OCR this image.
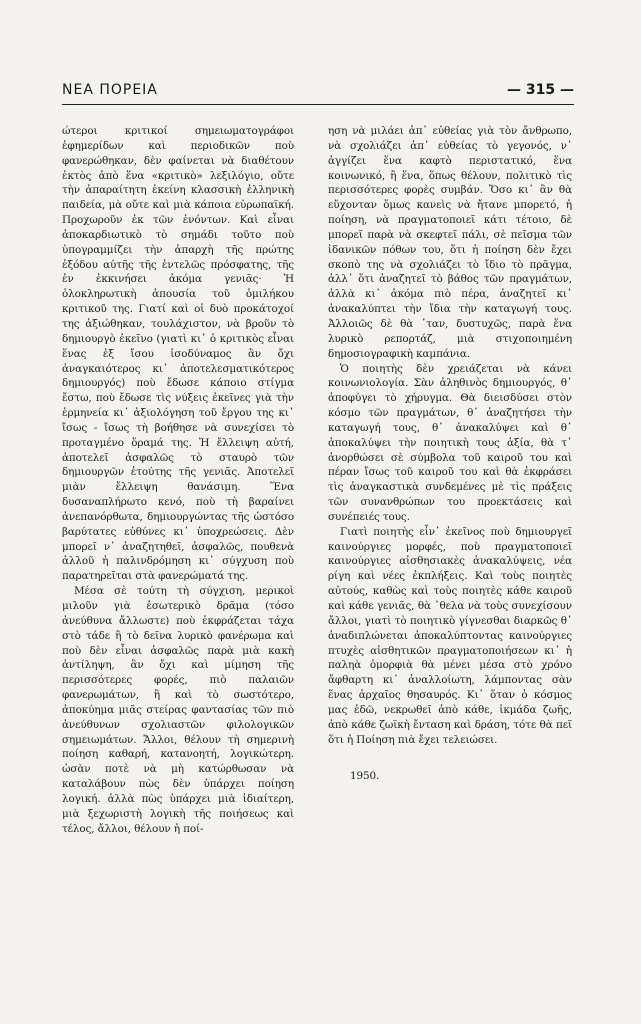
ΝΕΑ ΠΟΡΕΙΑ	— 315 —

ώτεροι κριτικοί σημειωματογράφοι ἐφημερίδων καὶ περιοδικῶν ποὺ φανερώθηκαν, δὲν φαίνεται νὰ διαθέτουν ἐκτὸς ἀπὸ ἕνα «κριτικὸ» λεξιλόγιο, οὔτε τὴν ἀπαραίτητη ἐκείνη κλασσικὴ ἑλληνικὴ παιδεία, μὰ οὔτε καὶ μιὰ κάποια εὐρωπαϊκή. Προχωροῦν ἐκ τῶν ἐνόντων. Καὶ εἶναι ἀποκαρδιωτικὸ τὸ σημάδι τοῦτο ποὺ ὑπογραμμίζει τὴν ἀπαρχὴ τῆς πρώτης ἐξόδου αὐτῆς τῆς ἐντελῶς πρόσφατης, τῆς ἐν ἐκκινήσει ἀκόμα γενιᾶς· Ἡ ὁλοκληρωτικὴ ἀπουσία τοῦ ὁμιλήκου κριτικοῦ της. Γιατί καὶ οἱ δυὸ προκάτοχοί της ἀξιώθηκαν, τουλάχιστον, νὰ βροῦν τὸ δημιουργὸ ἐκεῖνο (γιατὶ κι᾿ ὁ κριτικὸς εἶναι ἕνας ἐξ ἴσου ἰσοδύναμος ἂν ὄχι ἀναγκαιότερος κι᾿ ἀποτελεσματικότερος δημιουργός) ποὺ ἔδωσε κάποιο στίγμα ἔστω, ποὺ ἔδωσε τὶς νύξεις ἐκεῖνες γιὰ τὴν ἑρμηνεία κι᾿ ἀξιολόγηση τοῦ ἔργου της κι᾿ ἴσως - ἴσως τὴ βοήθησε νὰ συνεχίσει τὸ προταγμένο ὅραμά της. Ἡ ἔλλειψη αὐτή, ἀποτελεῖ ἀσφαλῶς τὸ σταυρὸ τῶν δημιουργῶν ἐτούτης τῆς γενιᾶς. Ἀποτελεῖ μιὰν ἔλλειψη θανάσιμη. Ἕνα δυσαναπλήρωτο κενό, ποὺ τὴ βαραίνει ἀνεπανόρθωτα, δημιουργώντας τῆς ὡστόσο βαρύτατες εὐθύνες κι᾿ ὑποχρεώσεις. Δὲν μπορεῖ ν᾿ ἀναζητηθεῖ, ἀσφαλῶς, πουθενὰ ἀλλοῦ ἡ παλινδρόμηση κι᾿ σύγχυση ποὺ παρατηρεῖται στὰ φανερώματά της.

Μέσα σὲ τούτη τὴ σύγχιση, μερικοὶ μιλοῦν γιὰ ἐσωτερικὸ δρᾶμα (τόσο ἀνεύθυνα ἄλλωστε) ποὺ ἐκφράζεται τάχα στὸ τάδε ἢ τὸ δεῖνα λυρικὸ φανέρωμα καὶ ποὺ δὲν εἶναι ἀσφαλῶς παρὰ μιὰ κακὴ ἀντίληψη, ἂν ὄχι καὶ μίμηση τῆς περισσότερες φορές, πιὸ παλαιῶν φανερωμάτων, ἢ καὶ τὸ σωστότερο, ἀποκύημα μιᾶς στείρας φαντασίας τῶν πιὸ ἀνεύθυνων σχολιαστῶν φιλολογικῶν σημειωμάτων. Ἄλλοι, θέλουν τὴ σημερινὴ ποίηση καθαρή, κατανοητή, λογικώτερη. ὡσὰν ποτὲ νὰ μὴ κατώρθωσαν νὰ καταλάβουν πὼς δὲν ὑπάρχει ποίηση λογική. ἀλλὰ πὼς ὑπάρχει μιὰ ἰδιαίτερη, μιὰ ξεχωριστὴ λογικὴ τῆς ποιήσεως καὶ τέλος, ἄλλοι, θέλουν ἡ ποί-

ηση νὰ μιλάει ἀπ᾿ εὐθείας γιὰ τὸν ἄνθρωπο, νὰ σχολιάζει ἀπ᾿ εὐθείας τὸ γεγονός, ν᾿ ἀγγίζει ἕνα καφτὸ περιστατικό, ἕνα κοινωνικό, ἢ ἕνα, ὅπως θέλουν, πολιτικὸ τὶς περισσότερες φορὲς συμβάν. Ὅσο κι᾿ ἂν θὰ εὔχονταν ὅμως κανεὶς νὰ ἤτανε μπορετό, ἡ ποίηση, νὰ πραγματοποιεῖ κάτι τέτοιο, δὲ μπορεῖ παρὰ νὰ σκεφτεῖ πάλι, σὲ πεῖσμα τῶν ἰδανικῶν πόθων του, ὅτι ἡ ποίηση δὲν ἔχει σκοπὸ της νὰ σχολιάζει τὸ ἴδιο τὸ πρᾶγμα, ἀλλ᾿ ὅτι ἀναζητεῖ τὸ βάθος τῶν πραγμάτων, ἀλλὰ κι᾿ ἀκόμα πιὸ πέρα, ἀναζητεῖ κι᾿ ἀνακαλύπτει τὴν ἴδια τὴν καταγωγή τους. Ἀλλοιῶς δὲ θὰ ᾿ταν, δυστυχῶς, παρὰ ἕνα λυρικὸ ρεπορτάζ, μιὰ στιχοποιημένη δημοσιογραφικὴ καμπάνια.

Ὁ ποιητὴς δὲν χρειάζεται νὰ κάνει κοινωνιολογία. Σὰν ἀληθινὸς δημιουργός, θ᾿ ἀποφύγει τὸ χήρυγμα. Θὰ διεισδύσει στὸν κόσμο τῶν πραγμάτων, θ᾿ ἀναζητήσει τὴν καταγωγή τους, θ᾿ ἀνακαλύψει καὶ θ᾿ ἀποκαλύψει τὴν ποιητικὴ τους ἀξία, θὰ τ᾿ ἀνορθώσει σὲ σύμβολα τοῦ καιροῦ του καὶ πέραν ἴσως τοῦ καιροῦ του καὶ θὰ ἐκφράσει τὶς ἀναγκαστικὰ συνδεμένες μὲ τὶς πράξεις τῶν συνανθρώπων του προεκτάσεις καὶ συνέπειές τους.

Γιατὶ ποιητὴς εἶν᾿ ἐκεῖνος ποὺ δημιουργεῖ καινούργιες μορφές, ποὺ πραγματοποιεῖ καινούργιες αἰσθησιακὲς ἀνακαλύψεις, νέα ρίγη καὶ νέες ἐκπλήξεις. Καὶ τοὺς ποιητὲς αὐτούς, καθὼς καὶ τοὺς ποιητὲς κάθε καιροῦ καὶ κάθε γενιᾶς, θὰ ᾿θελα νὰ τοὺς συνεχίσουν ἄλλοι, γιατὶ τὸ ποιητικὸ γίγνεσθαι διαρκῶς θ᾿ ἀναδιπλώνεται ἀποκαλύπτοντας καινούργιες πτυχὲς αἰσθητικῶν πραγματοποιήσεων κι᾿ ἡ παληὰ ὁμορφιὰ θὰ μένει μέσα στὸ χρόνο ἄφθαρτη κι᾿ ἀναλλοίωτη, λάμποντας σὰν ἕνας ἀρχαῖος θησαυρός. Κι᾿ ὅταν ὁ κόσμος μας ἐδῶ, νεκρωθεῖ ἀπὸ κάθε, ἰκμάδα ζωῆς, ἀπὸ κάθε ζωϊκὴ ἔνταση καὶ δράση, τότε θὰ πεῖ ὅτι ἡ Ποίηση πιὰ ἔχει τελειώσει.

1950.
